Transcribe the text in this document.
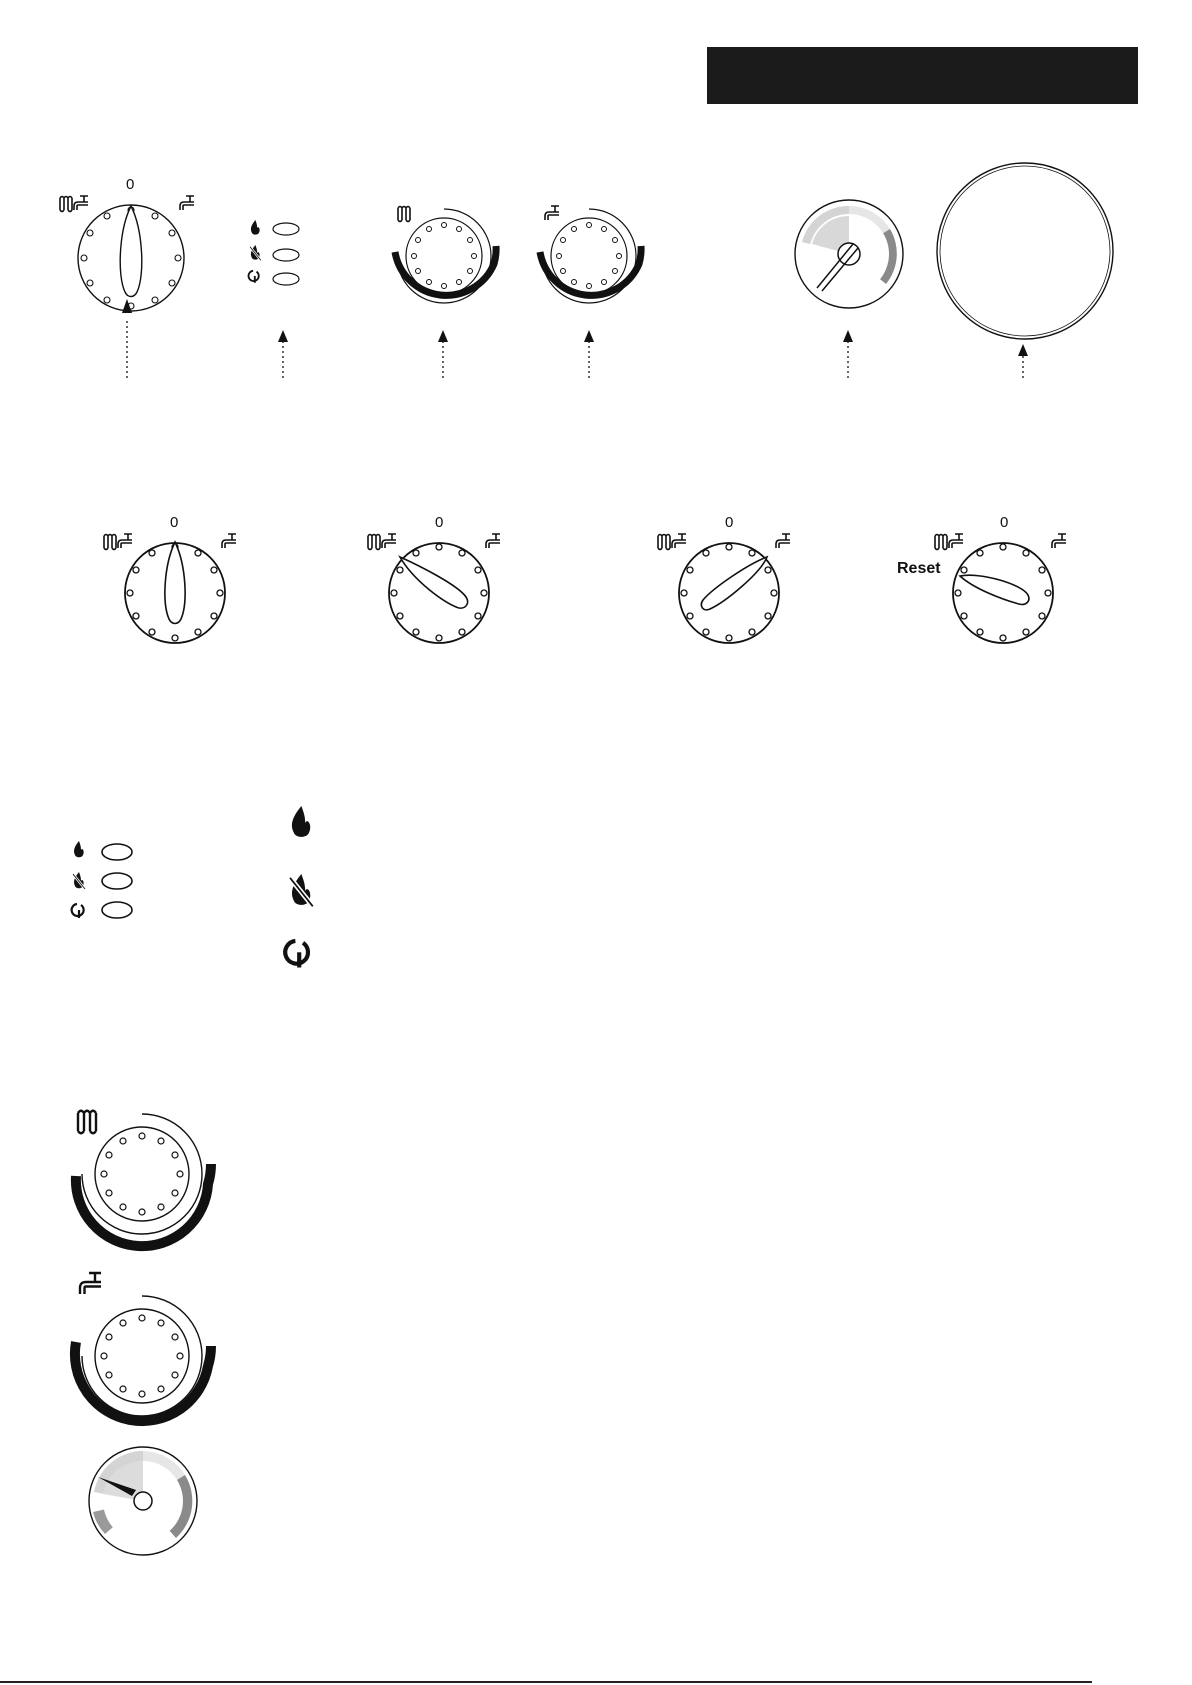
0
0	0	0	0
Reset
